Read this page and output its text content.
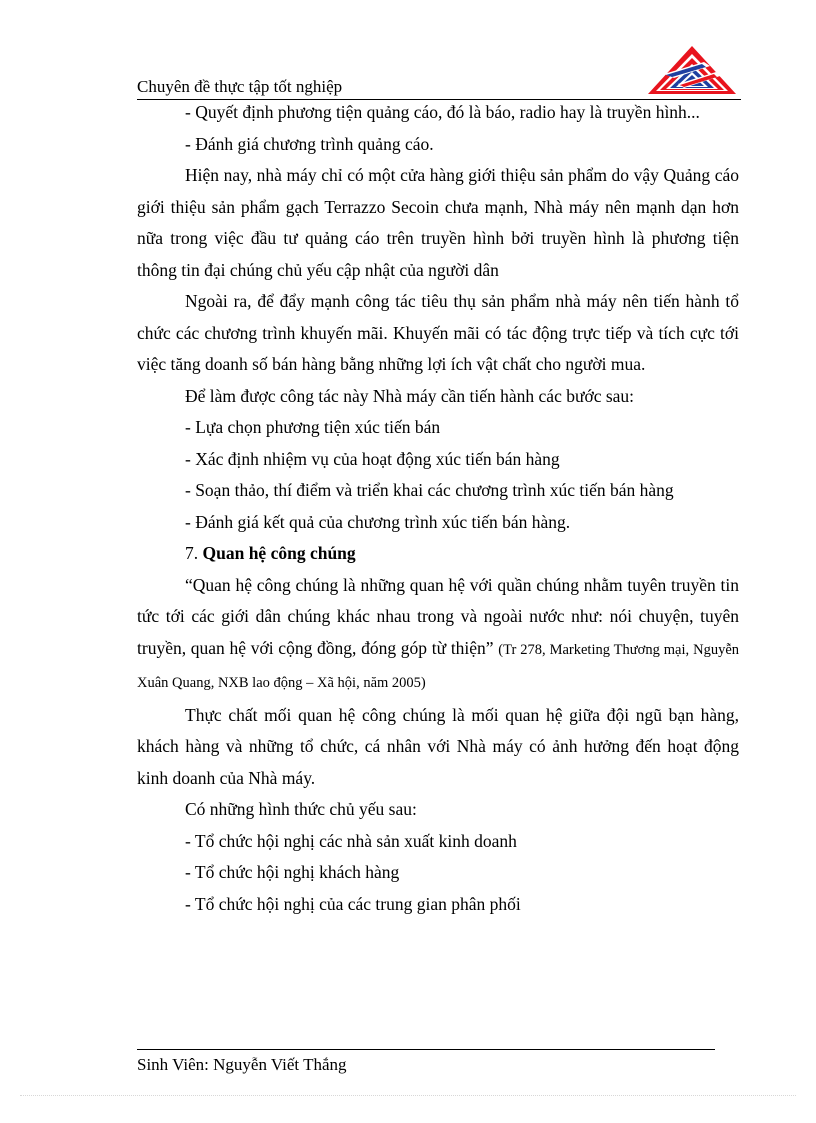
Chuyên đề thực tập tốt nghiệp

- Quyết định phương tiện quảng cáo, đó là báo, radio hay là truyền hình...

- Đánh giá chương trình quảng cáo.

Hiện nay, nhà máy chỉ có một cửa hàng giới thiệu sản phẩm do vậy Quảng cáo giới thiệu sản phẩm gạch Terrazzo Secoin chưa mạnh, Nhà máy nên mạnh dạn hơn nữa trong việc đầu tư quảng cáo trên truyền hình bởi truyền hình là phương tiện thông tin đại chúng chủ yếu cập nhật của người dân

Ngoài ra, để đẩy mạnh công tác tiêu thụ sản phẩm nhà máy nên tiến hành tổ chức các chương trình khuyến mãi. Khuyến mãi có tác động trực tiếp và tích cực tới việc tăng doanh số bán hàng bằng những lợi ích vật chất cho người mua.

Để làm được công tác này Nhà máy cần tiến hành các bước sau:

- Lựa chọn phương tiện xúc tiến bán

- Xác định nhiệm vụ của hoạt động xúc tiến bán hàng

- Soạn thảo, thí điểm và triển khai các chương trình xúc tiến bán hàng

- Đánh giá kết quả của chương trình xúc tiến bán hàng.

7. Quan hệ công chúng

“Quan hệ công chúng là những quan hệ với quần chúng nhằm tuyên truyền tin tức tới các giới dân chúng khác nhau trong và ngoài nước như: nói chuyện, tuyên truyền, quan hệ với cộng đồng, đóng góp từ thiện” (Tr 278, Marketing Thương mại, Nguyễn Xuân Quang, NXB lao động – Xã hội, năm 2005)

Thực chất mối quan hệ công chúng là mối quan hệ giữa đội ngũ bạn hàng, khách hàng và những tổ chức, cá nhân với Nhà máy có ảnh hưởng đến hoạt động kinh doanh của Nhà máy.

Có những hình thức chủ yếu sau:

- Tổ chức hội nghị các nhà sản xuất kinh doanh

- Tổ chức hội nghị khách hàng

- Tổ chức hội nghị của các trung gian phân phối

Sinh Viên: Nguyễn Viết Thắng
